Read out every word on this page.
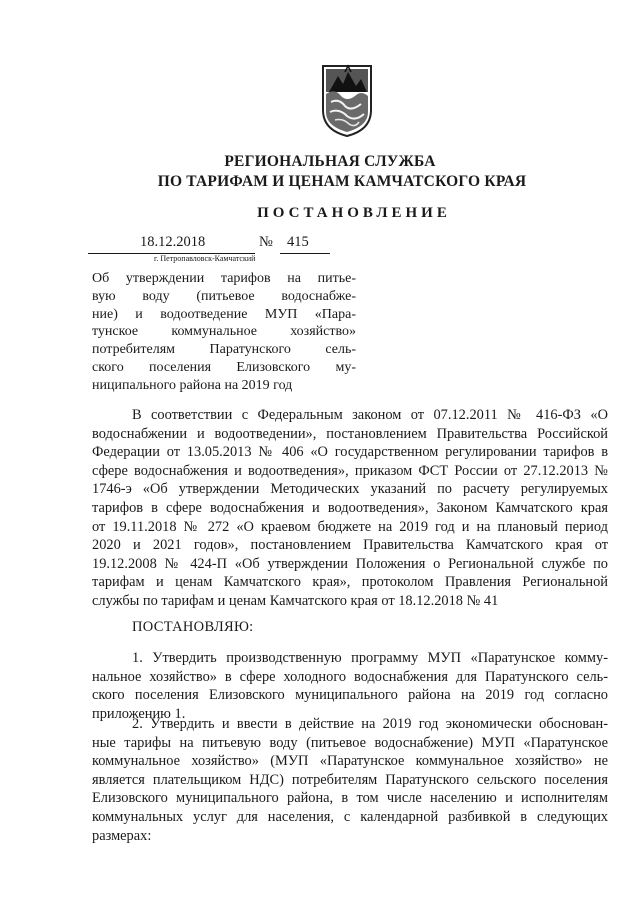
РЕГИОНАЛЬНАЯ СЛУЖБА
ПО ТАРИФАМ И ЦЕНАМ КАМЧАТСКОГО КРАЯ
ПОСТАНОВЛЕНИЕ
18.12.2018	№ 415
г. Петропавловск-Камчатский
Об утверждении тарифов на питье-
вую воду (питьевое водоснабже-
ние) и водоотведение МУП «Пара-
тунское коммунальное хозяйство»
потребителям Паратунского сель-
ского поселения Елизовского му-
ниципального района на 2019 год
В соответствии с Федеральным законом от 07.12.2011 № 416-ФЗ «О
водоснабжении и водоотведении», постановлением Правительства Российской
Федерации от 13.05.2013 № 406 «О государственном регулировании тарифов в
сфере водоснабжения и водоотведения», приказом ФСТ России от 27.12.2013 №
1746-э «Об утверждении Методических указаний по расчету регулируемых
тарифов в сфере водоснабжения и водоотведения», Законом Камчатского края
от 19.11.2018 № 272 «О краевом бюджете на 2019 год и на плановый период
2020 и 2021 годов», постановлением Правительства Камчатского края от
19.12.2008 № 424-П «Об утверждении Положения о Региональной службе по
тарифам и ценам Камчатского края», протоколом Правления Региональной
службы по тарифам и ценам Камчатского края от 18.12.2018 № 41
ПОСТАНОВЛЯЮ:
1. Утвердить производственную программу МУП «Паратунское комму-
нальное хозяйство» в сфере холодного водоснабжения для Паратунского сель-
ского поселения Елизовского муниципального района на 2019 год согласно
приложению 1.
2. Утвердить и ввести в действие на 2019 год экономически обоснован-
ные тарифы на питьевую воду (питьевое водоснабжение) МУП «Паратунское
коммунальное хозяйство» (МУП «Паратунское коммунальное хозяйство» не
является плательщиком НДС) потребителям Паратунского сельского поселения
Елизовского муниципального района, в том числе населению и исполнителям
коммунальных услуг для населения, с календарной разбивкой в следующих
размерах:
